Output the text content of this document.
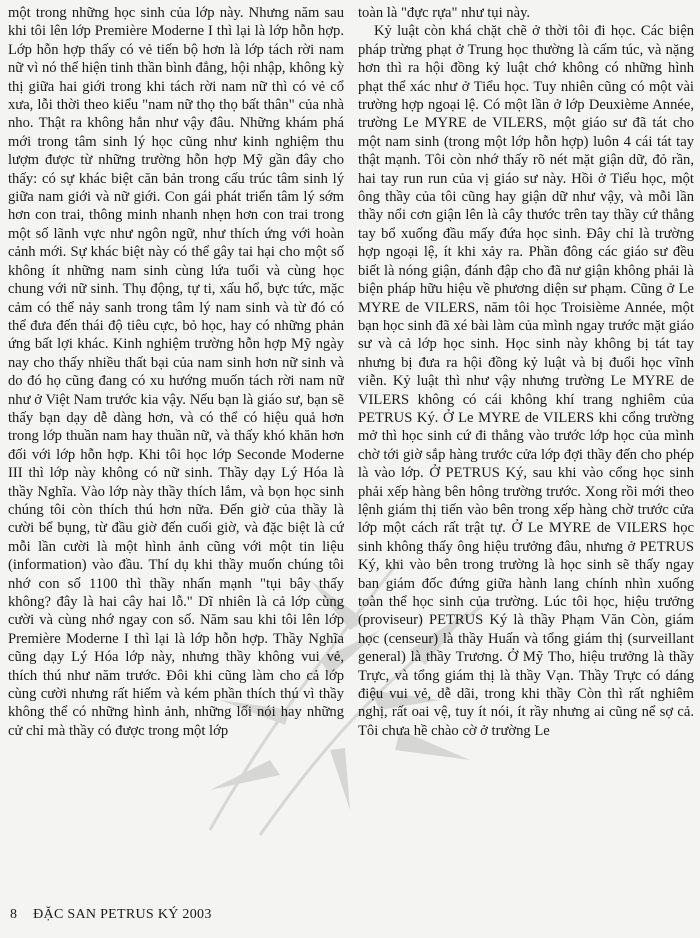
một trong những học sinh của lớp này. Nhưng năm sau khi tôi lên lớp Première Moderne I thì lại là lớp hỗn hợp. Lớp hỗn hợp thấy có vẻ tiến bộ hơn là lớp tách rời nam nữ vì nó thể hiện tinh thần bình đẳng, hội nhập, không kỳ thị giữa hai giới trong khi tách rời nam nữ thì có vẻ cổ xưa, lỗi thời theo kiểu "nam nữ thọ thọ bất thân" của nhà nho. Thật ra không hẳn như vậy đâu. Những khám phá mới trong tâm sinh lý học cũng như kinh nghiệm thu lượm được từ những trường hỗn hợp Mỹ gần đây cho thấy: có sự khác biệt căn bản trong cấu trúc tâm sinh lý giữa nam giới và nữ giới. Con gái phát triển tâm lý sớm hơn con trai, thông minh nhanh nhẹn hơn con trai trong một số lãnh vực như ngôn ngữ, như thích ứng với hoàn cảnh mới. Sự khác biệt này có thể gây tai hại cho một số không ít những nam sinh cùng lứa tuổi và cùng học chung với nữ sinh. Thụ động, tự ti, xấu hổ, bực tức, mặc cảm có thể nảy sanh trong tâm lý nam sinh và từ đó có thể đưa đến thái độ tiêu cực, bỏ học, hay có những phản ứng bất lợi khác. Kinh nghiệm trường hỗn hợp Mỹ ngày nay cho thấy nhiều thất bại của nam sinh hơn nữ sinh và do đó họ cũng đang có xu hướng muốn tách rời nam nữ như ở Việt Nam trước kia vậy. Nếu bạn là giáo sư, bạn sẽ thấy bạn dạy dễ dàng hơn, và có thể có hiệu quả hơn trong lớp thuần nam hay thuần nữ, và thấy khó khăn hơn đối với lớp hỗn hợp. Khi tôi học lớp Seconde Moderne III thì lớp này không có nữ sinh. Thầy dạy Lý Hóa là thầy Nghĩa. Vào lớp này thầy thích lắm, và bọn học sinh chúng tôi còn thích thú hơn nữa. Đến giờ của thầy là cười bể bụng, từ đầu giờ đến cuối giờ, và đặc biệt là cứ mỗi lần cười là một hình ảnh cũng với một tin liệu (information) vào đầu. Thí dụ khi thầy muốn chúng tôi nhớ con số 1100 thì thầy nhấn mạnh "tụi bây thấy không? đây là hai cây hai lỗ." Dĩ nhiên là cả lớp cùng cười và cùng nhớ ngay con số. Năm sau khi tôi lên lớp Première Moderne I thì lại là lớp hỗn hợp. Thầy Nghĩa cũng dạy Lý Hóa lớp này, nhưng thầy không vui vẻ, thích thú như năm trước. Đôi khi cũng làm cho cả lớp cùng cười nhưng rất hiếm và kém phần thích thú vì thầy không thể có những hình ảnh, những lối nói hay những cử chỉ mà thầy có được trong một lớp

toàn là "đực rựa" như tụi này.

Kỷ luật còn khá chặt chẽ ở thời tôi đi học. Các biện pháp trừng phạt ở Trung học thường là cấm túc, và nặng hơn thì ra hội đồng kỷ luật chớ không có những hình phạt thể xác như ở Tiểu học. Tuy nhiên cũng có một vài trường hợp ngoại lệ. Có một lần ở lớp Deuxième Année, trường Le MYRE de VILERS, một giáo sư đã tát cho một nam sinh (trong một lớp hỗn hợp) luôn 4 cái tát tay thật mạnh. Tôi còn nhớ thấy rõ nét mặt giận dữ, đỏ rần, hai tay run run của vị giáo sư này. Hồi ở Tiểu học, một ông thầy của tôi cũng hay giận dữ như vậy, và mỗi lần thầy nổi cơn giận lên là cây thước trên tay thầy cứ thẳng tay bổ xuống đầu mấy đứa học sinh. Đây chỉ là trường hợp ngoại lệ, ít khi xảy ra. Phần đông các giáo sư đều biết là nóng giận, đánh đập cho đã nư giận không phải là biện pháp hữu hiệu về phương diện sư phạm. Cũng ở Le MYRE de VILERS, năm tôi học Troisième Année, một bạn học sinh đã xé bài làm của mình ngay trước mặt giáo sư và cả lớp học sinh. Học sinh này không bị tát tay nhưng bị đưa ra hội đồng kỷ luật và bị đuổi học vĩnh viễn. Kỷ luật thì như vậy nhưng trường Le MYRE de VILERS không có cái không khí trang nghiêm của PETRUS Ký. Ở Le MYRE de VILERS khi cổng trường mở thì học sinh cứ đi thẳng vào trước lớp học của mình chờ tới giờ sắp hàng trước cửa lớp đợi thầy đến cho phép là vào lớp. Ở PETRUS Ký, sau khi vào cổng học sinh phải xếp hàng bên hông trường trước. Xong rồi mới theo lệnh giám thị tiến vào bên trong xếp hàng chờ trước cửa lớp một cách rất trật tự. Ở Le MYRE de VILERS học sinh không thấy ông hiệu trưởng đâu, nhưng ở PETRUS Ký, khi vào bên trong trường là học sinh sẽ thấy ngay ban giám đốc đứng giữa hành lang chính nhìn xuống toàn thể học sinh của trường. Lúc tôi học, hiệu trưởng (proviseur) PETRUS Ký là thầy Phạm Văn Còn, giám học (censeur) là thầy Huấn và tổng giám thị (surveillant general) là thầy Trương. Ở Mỹ Tho, hiệu trưởng là thầy Trực, và tổng giám thị là thầy Vạn. Thầy Trực có dáng điệu vui vẻ, dễ dãi, trong khi thầy Còn thì rất nghiêm nghị, rất oai vệ, tuy ít nói, ít rầy nhưng ai cũng nể sợ cả. Tôi chưa hề chào cờ ở trường Le

8 ĐẶC SAN PETRUS KÝ 2003
